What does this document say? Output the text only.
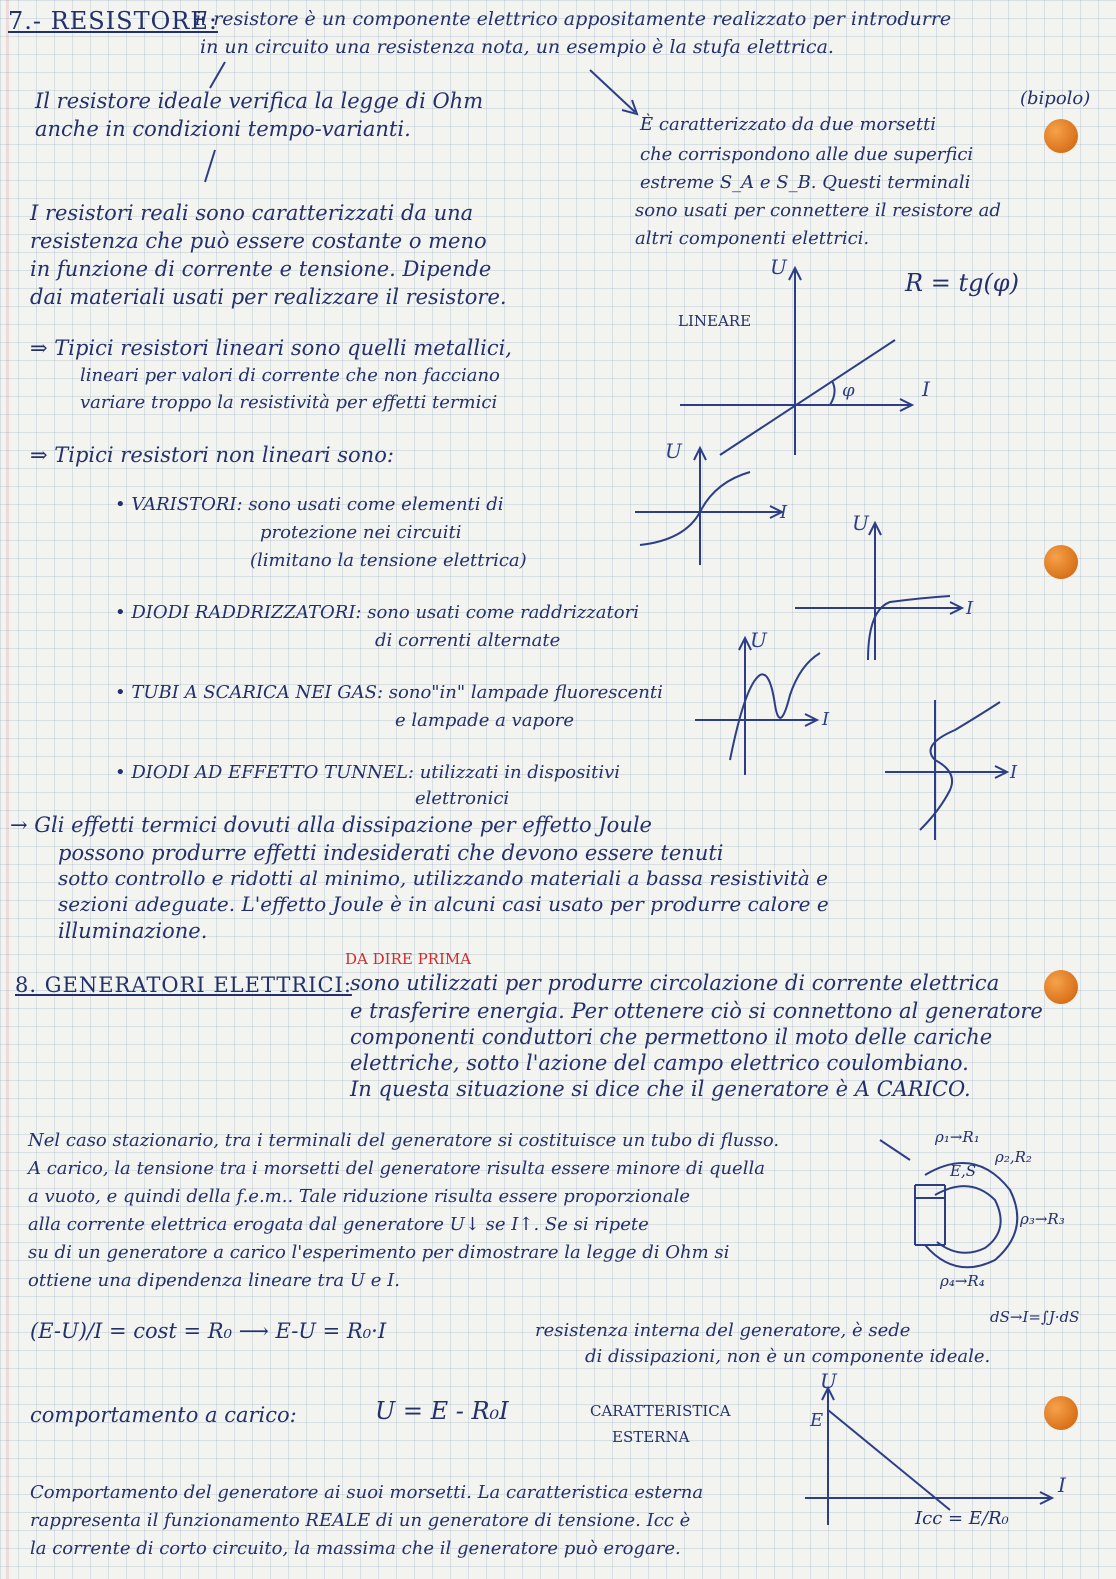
7.- RESISTORE:
il resistore è un componente elettrico appositamente realizzato per introdurre
in un circuito una resistenza nota, un esempio è la stufa elettrica.
Il resistore ideale verifica la legge di Ohm
anche in condizioni tempo-varianti.
(bipolo)
È caratterizzato da due morsetti
che corrispondono alle due superfici
estreme S_A e S_B. Questi terminali
sono usati per connettere il resistore ad
altri componenti elettrici.
I resistori reali sono caratterizzati da una
resistenza che può essere costante o meno
in funzione di corrente e tensione. Dipende
dai materiali usati per realizzare il resistore.	R = tg(φ)
LINEARE
⇒ Tipici resistori lineari sono quelli metallici,
lineari per valori di corrente che non facciano
variare troppo la resistività per effetti termici
⇒ Tipici resistori non lineari sono:
• VARISTORI: sono usati come elementi di
protezione nei circuiti
(limitano la tensione elettrica)
• DIODI RADDRIZZATORI: sono usati come raddrizzatori
di correnti alternate
• TUBI A SCARICA NEI GAS: sono"in" lampade fluorescenti
e lampade a vapore
• DIODI AD EFFETTO TUNNEL: utilizzati in dispositivi
elettronici
→ Gli effetti termici dovuti alla dissipazione per effetto Joule
possono produrre effetti indesiderati che devono essere tenuti
sotto controllo e ridotti al minimo, utilizzando materiali a bassa resistività e
sezioni adeguate. L'effetto Joule è in alcuni casi usato per produrre calore e
illuminazione.
DA DIRE PRIMA
8. GENERATORI ELETTRICI:
sono utilizzati per produrre circolazione di corrente elettrica
e trasferire energia. Per ottenere ciò si connettono al generatore
componenti conduttori che permettono il moto delle cariche
elettriche, sotto l'azione del campo elettrico coulombiano.
In questa situazione si dice che il generatore è A CARICO.
Nel caso stazionario, tra i terminali del generatore si costituisce un tubo di flusso.
A carico, la tensione tra i morsetti del generatore risulta essere minore di quella
a vuoto, e quindi della f.e.m.. Tale riduzione risulta essere proporzionale
alla corrente elettrica erogata dal generatore U↓ se I↑. Se si ripete
su di un generatore a carico l'esperimento per dimostrare la legge di Ohm si
ottiene una dipendenza lineare tra U e I.
ρ₁→R₁
ρ₂,R₂
ρ₃→R₃
ρ₄→R₄
E,S
dS→I=∫J·dS
(E-U)/I = cost = R₀ ⟶ E-U = R₀·I	resistenza interna del generatore, è sede
di dissipazioni, non è un componente ideale.
comportamento a carico:	U = E - R₀I	CARATTERISTICA
ESTERNA
Comportamento del generatore ai suoi morsetti. La caratteristica esterna
rappresenta il funzionamento REALE di un generatore di tensione. Icc è
la corrente di corto circuito, la massima che il generatore può erogare.
Icc = E/R₀
U
I
φ
U
I	U
I
U
I
I
U
I
E
